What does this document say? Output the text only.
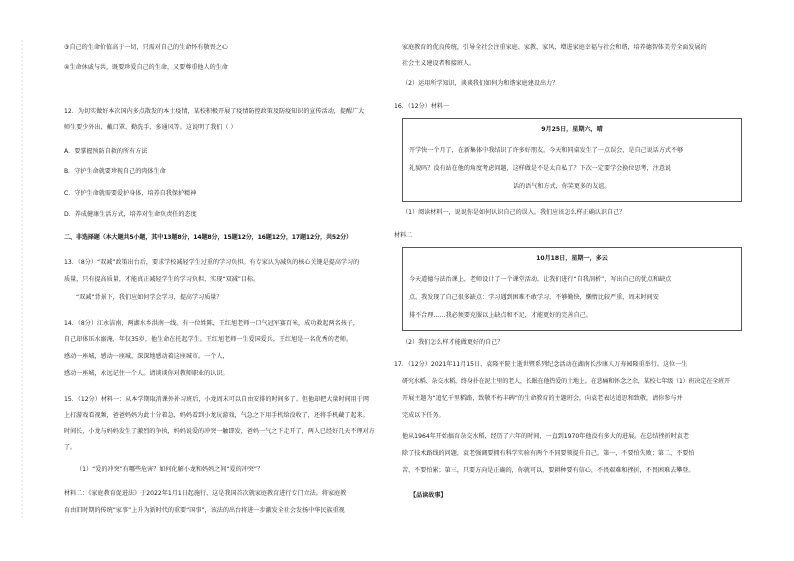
③自己的生命价值高于一切，只需对自己的生命怀有敬畏之心
④生命休戚与共，既要珍爱自己的生命，又要尊重他人的生命
12．为切实做好本次国内多点散发的本土疫情，某校积极开展了疫情防控政策及防疫知识的宣传活动，提醒广大
师生要少外出、戴口罩、勤洗手、多通风等。这说明了我们（ ）
A．要掌握预防自救的所有方法
B．守护生命就要珍视自己的肉体生命
C．守护生命就需要爱护身体，培养自我保护精神
D．养成健康生活方式，培养对生命负责任的态度
二、非选择题（本大题共5小题，其中13题8分，14题8分，15题12分，16题12分，17题12分，共52分）
13．（8分）“双减”政策出台后，要求学校减轻学生过重的学习负担。有专家认为减负的核心关键是提高学习的
质量，只有提高质量，才能真正减轻学生的学习负担，实现“双减”目标。
“双减”背景下，我们应如何学会学习，提高学习质量？
14．（8分）江永洁南，两湖水乡洪南一线。有一位姓陈，王红旭老师一口气冠军赛百米，成功救起两名孩子，
自己却体压水溺淹，年仅35岁，他生命在托起学生。王红旭老师一生爱国爱兵，王红旭是一名优秀的老师。
感动一座城，感动一座城，深深地感动着这座城市。一个人，
感动一座城，永远记住一个人。请谈谈你对教师职业的认识。
15．（12分）材料一：从本学期取消课外补习班后，小龙周末可以自由安排的时间多了。但他却把大量时间用于网
上打游戏看视频，爸爸妈妈为此十分着急，妈妈看到小龙玩游戏，气急之下用手机给没收了，还将手机藏了起来。
时间长，小龙与妈妈发生了激烈的争执，妈妈说爱的冲突一触即发，爸妈一气之下走开了，两人已经好几天不理对方
了。
（1）“爱的冲突”有哪些危害？如何化解小龙和妈妈之间“爱的冲突”？
材料二：《家庭教育促进法》于2022年1月1日起施行，这是我国首次就家庭教育进行专门立法。将家庭教
育由旧时期的传统“家事”上升为新时代的重要“国事”，该法的出台将进一步激发全社会发扬中华民族重视
家庭教育的优良传统，引导全社会注重家庭、家教、家风，增进家庭幸福与社会和谐，培养德智体美劳全面发展的
社会主义建设者和接班人。
（2）运用所学知识，谈谈我们如何为和谐家庭建设出力？
16．（12分）材料一
9月25日，星期六，晴
开学快一个月了，在新集体中我结识了许多好朋友。今天和同桌发生了一点误会，是自己说话方式不够
礼貌吗？没有站在他的角度考虑问题，这样做是不是太自私了？下次一定要学会换位思考，注意说
话的语气和方式，你笑更多的友谊。
（1）阅读材料一，说说你是如何认识自己的误入。我们应该怎么样正确认识自己？
材料二
10月18日，星期一，多云
今天道德与法治课上，老师设计了一个课堂活动，让我们进行“自我剖析”，写出自己的优点和缺点
点。我发现了自己很多缺点：学习遇到困难不敢学习，不够勤快，懒惰比较严重，周末时间安
排不合理……我必须要克服以上缺点和不足，才能更好的完善自己。
（2）我们怎么样才能做更好的自己？
17．（12分）2021年11月15日，袁隆平院士逝世暨系列纪念活动在湖南长沙康人万寿园隆重举行。这位一生
研究水稻、杂交水稻，终身扑在泥土里的老人，长眠在他热爱的土地上。在悲痛和怀念之余，某校七年级（1）班决定在全班开
开展主题为“追忆千里稻路，致敬不朽丰碑”的生命教育的主题班会，向袁老表达追思和致敬，请你参与并
完成以下任务。
他从1964年开始搞育杂交水稻，经历了六年的时间，一直到1970年他没有多大的进展。在总结挫折时袁老
除了技术路线的问题，袁老强调要拥有科学实验有两个不同要领提升自己。第一，不要怕失败；第二，不要怕
苦，不要怕累；第三，只要方向是正确的，你就可以，要耕种要有信心，不畏艰难和挫折，不畏困难去攀登。
【品读故事】
